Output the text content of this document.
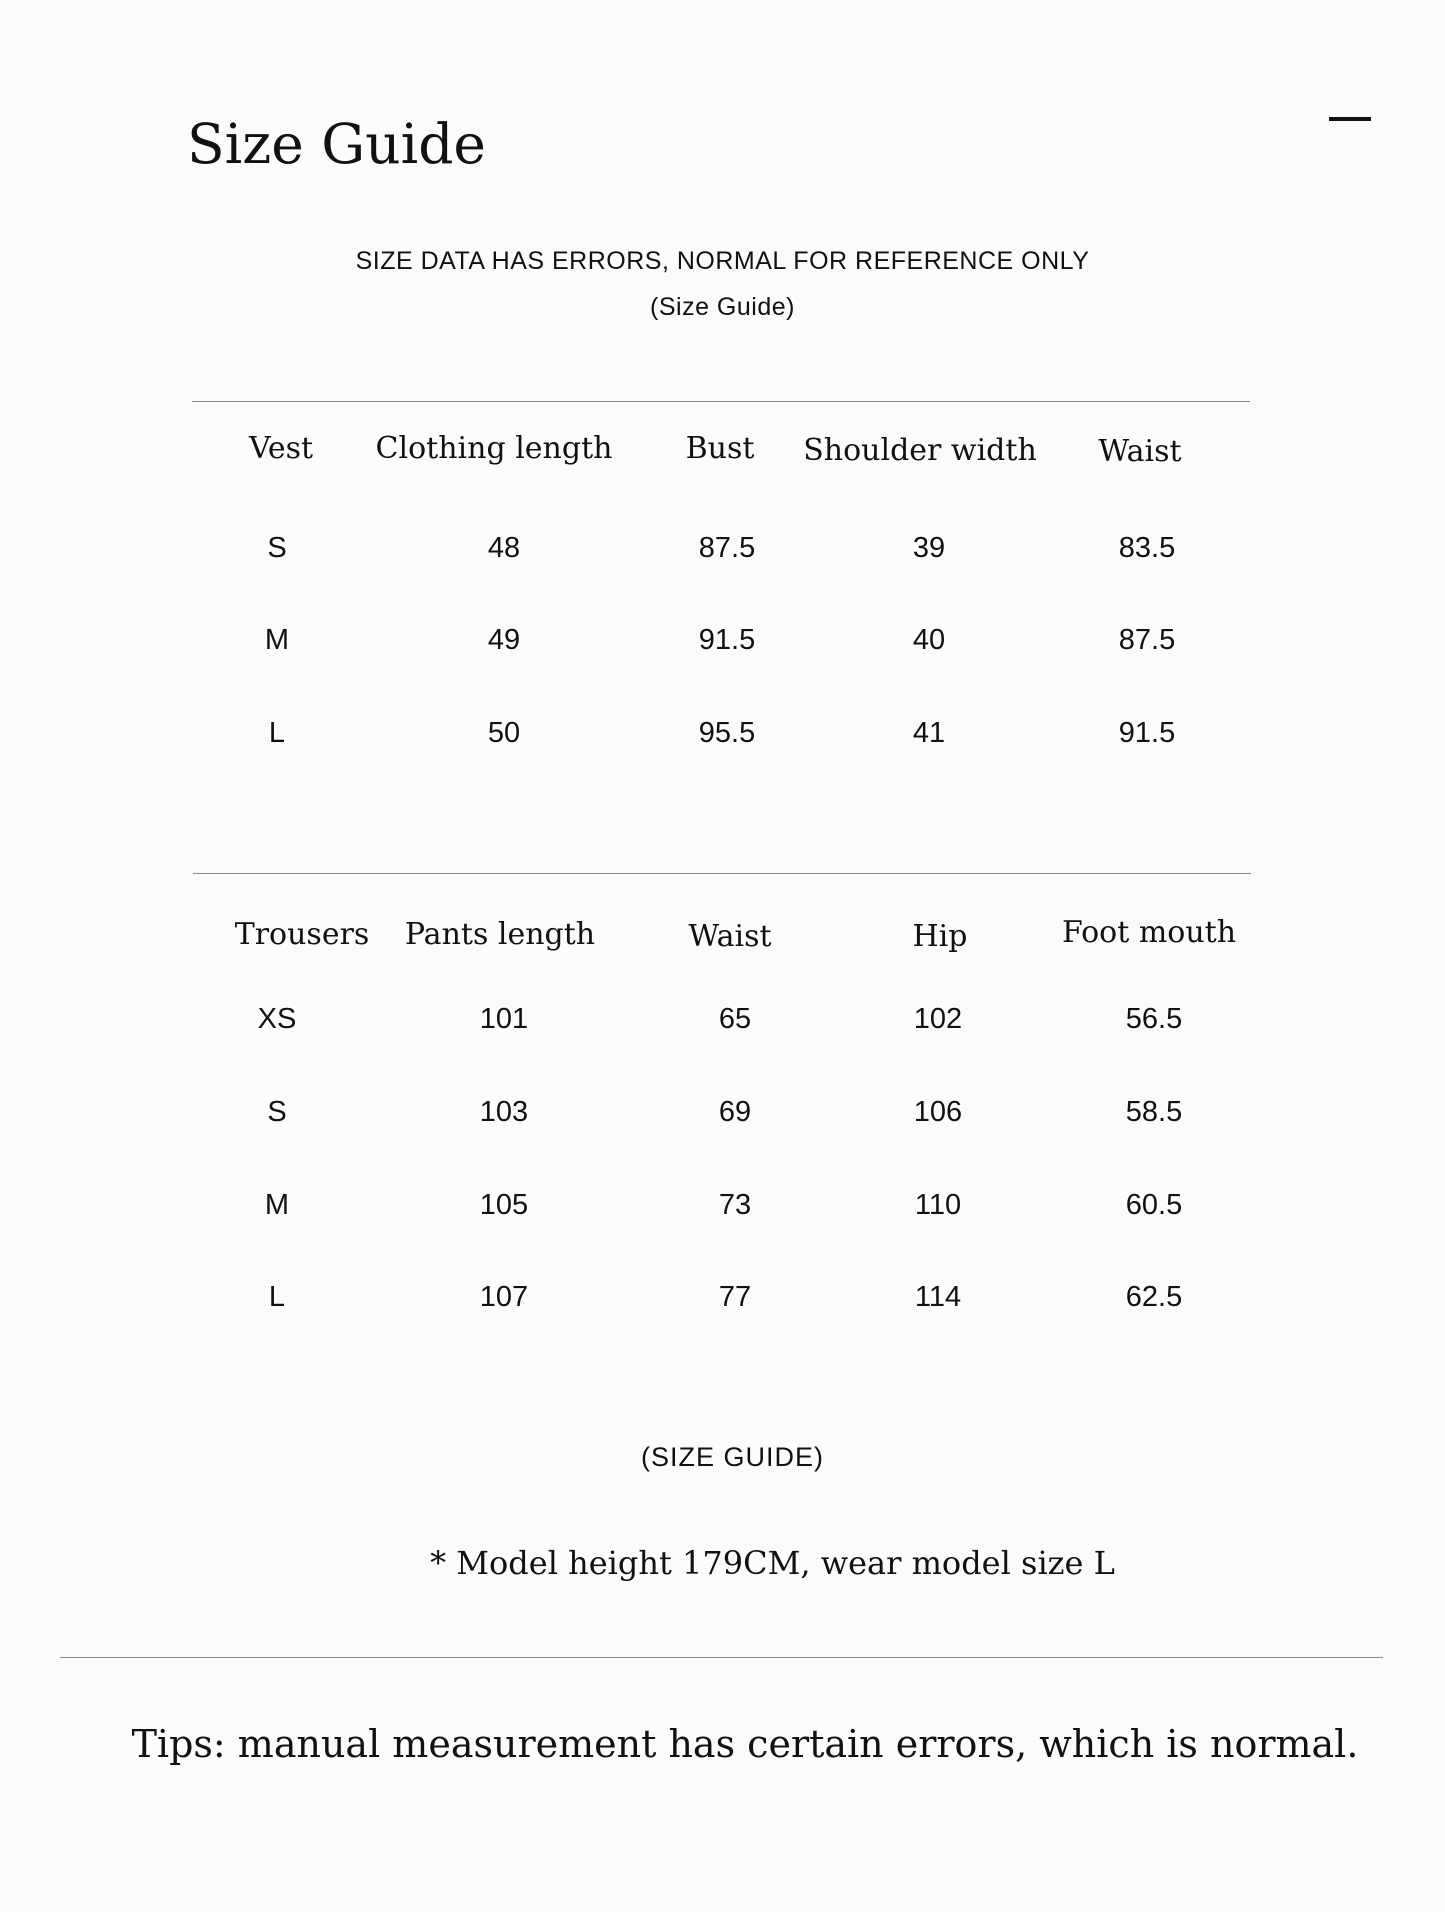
Size Guide
SIZE DATA HAS ERRORS, NORMAL FOR REFERENCE ONLY
(Size Guide)
Vest	Clothing length	Bust	Shoulder width	Waist
S	48	87.5	39	83.5
M	49	91.5	40	87.5
L	50	95.5	41	91.5
Trousers	Pants length	Waist	Hip	Foot mouth
XS	101	65	102	56.5
S	103	69	106	58.5
M	105	73	110	60.5
L	107	77	114	62.5
(SIZE GUIDE)
* Model height 179CM, wear model size L
Tips: manual measurement has certain errors, which is normal.
